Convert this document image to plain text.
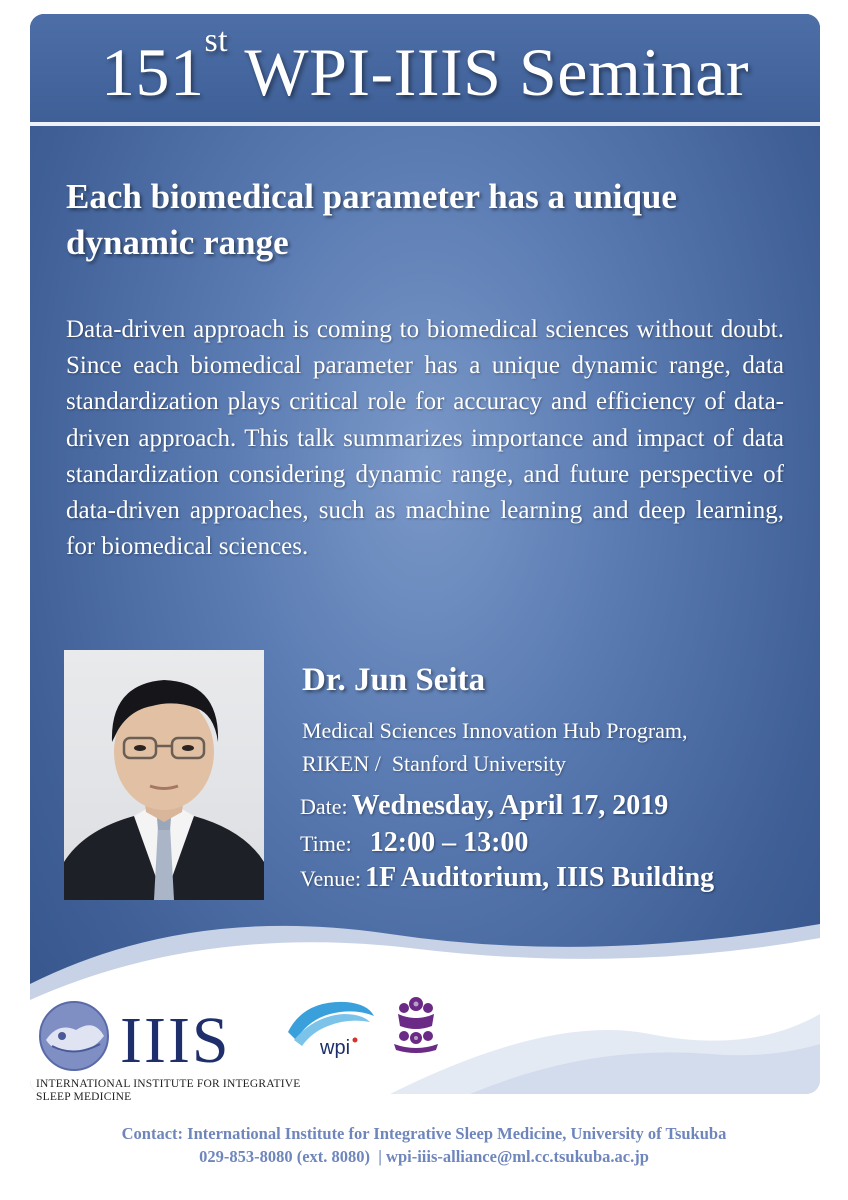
151st WPI-IIIS Seminar
Each biomedical parameter has a unique dynamic range
Data-driven approach is coming to biomedical sciences without doubt. Since each biomedical parameter has a unique dynamic range, data standardization plays critical role for accuracy and efficiency of data-driven approach. This talk summarizes importance and impact of data standardization considering dynamic range, and future perspective of data-driven approaches, such as machine learning and deep learning, for biomedical sciences.
Dr. Jun Seita
Medical Sciences Innovation Hub Program,
RIKEN /  Stanford University
Date: Wednesday, April 17, 2019
Time: 12:00 – 13:00
Venue: 1F Auditorium, IIIS Building
IIIS
INTERNATIONAL INSTITUTE FOR INTEGRATIVE
SLEEP MEDICINE
wpi
Contact: International Institute for Integrative Sleep Medicine, University of Tsukuba
029-853-8080 (ext. 8080)  | wpi-iiis-alliance@ml.cc.tsukuba.ac.jp
